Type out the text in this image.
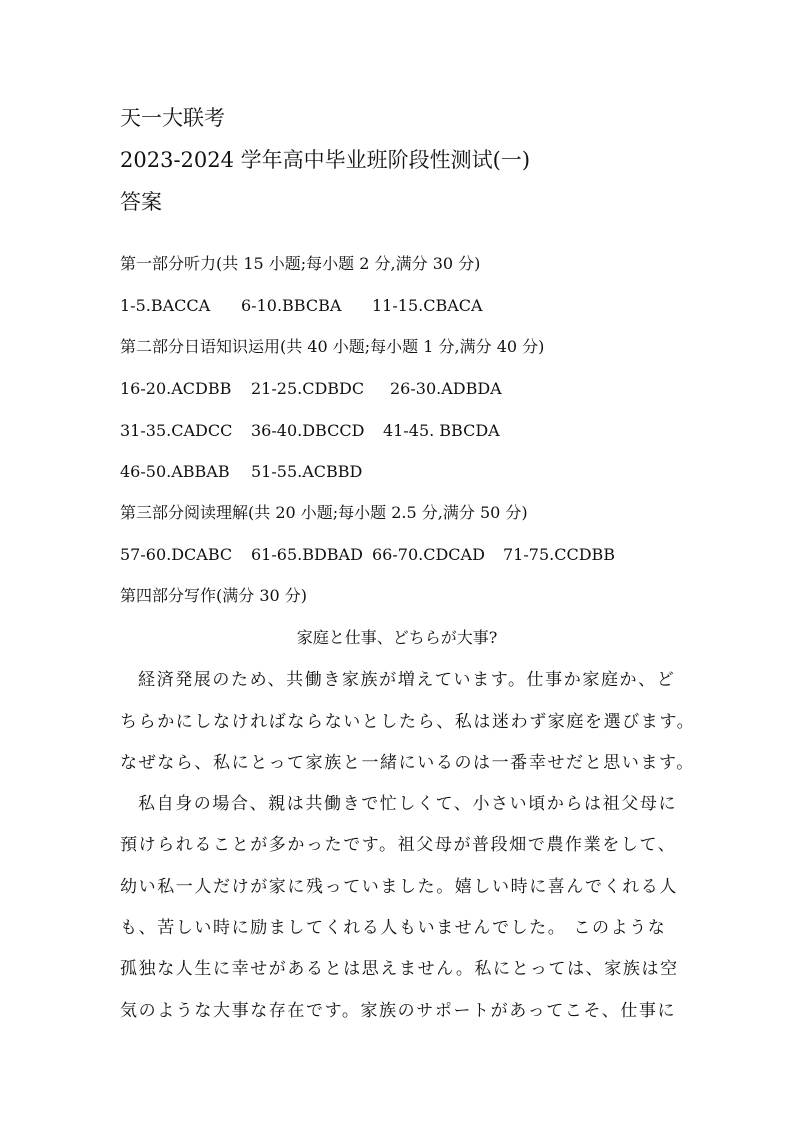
天一大联考
2023-2024 学年高中毕业班阶段性测试(一)
答案
第一部分听力(共 15 小题;每小题 2 分,满分 30 分)
1-5.BACCA 6-10.BBCBA 11-15.CBACA
第二部分日语知识运用(共 40 小题;每小题 1 分,满分 40 分)
16-20.ACDBB 21-25.CDBDC 26-30.ADBDA
31-35.CADCC 36-40.DBCCD 41-45. BBCDA
46-50.ABBAB 51-55.ACBBD
第三部分阅读理解(共 20 小题;每小题 2.5 分,满分 50 分)
57-60.DCABC 61-65.BDBAD 66-70.CDCAD 71-75.CCDBB
第四部分写作(满分 30 分)
家庭と仕事、どちらが大事?
経済発展のため、共働き家族が増えています。仕事か家庭か、ど
ちらかにしなければならないとしたら、私は迷わず家庭を選びます。
なぜなら、私にとって家族と一緒にいるのは一番幸せだと思います。
私自身の場合、親は共働きで忙しくて、小さい頃からは祖父母に
預けられることが多かったです。祖父母が普段畑で農作業をして、
幼い私一人だけが家に残っていました。嬉しい時に喜んでくれる人
も、苦しい時に励ましてくれる人もいませんでした。 このような
孤独な人生に幸せがあるとは思えません。私にとっては、家族は空
気のような大事な存在です。家族のサポートがあってこそ、仕事に
